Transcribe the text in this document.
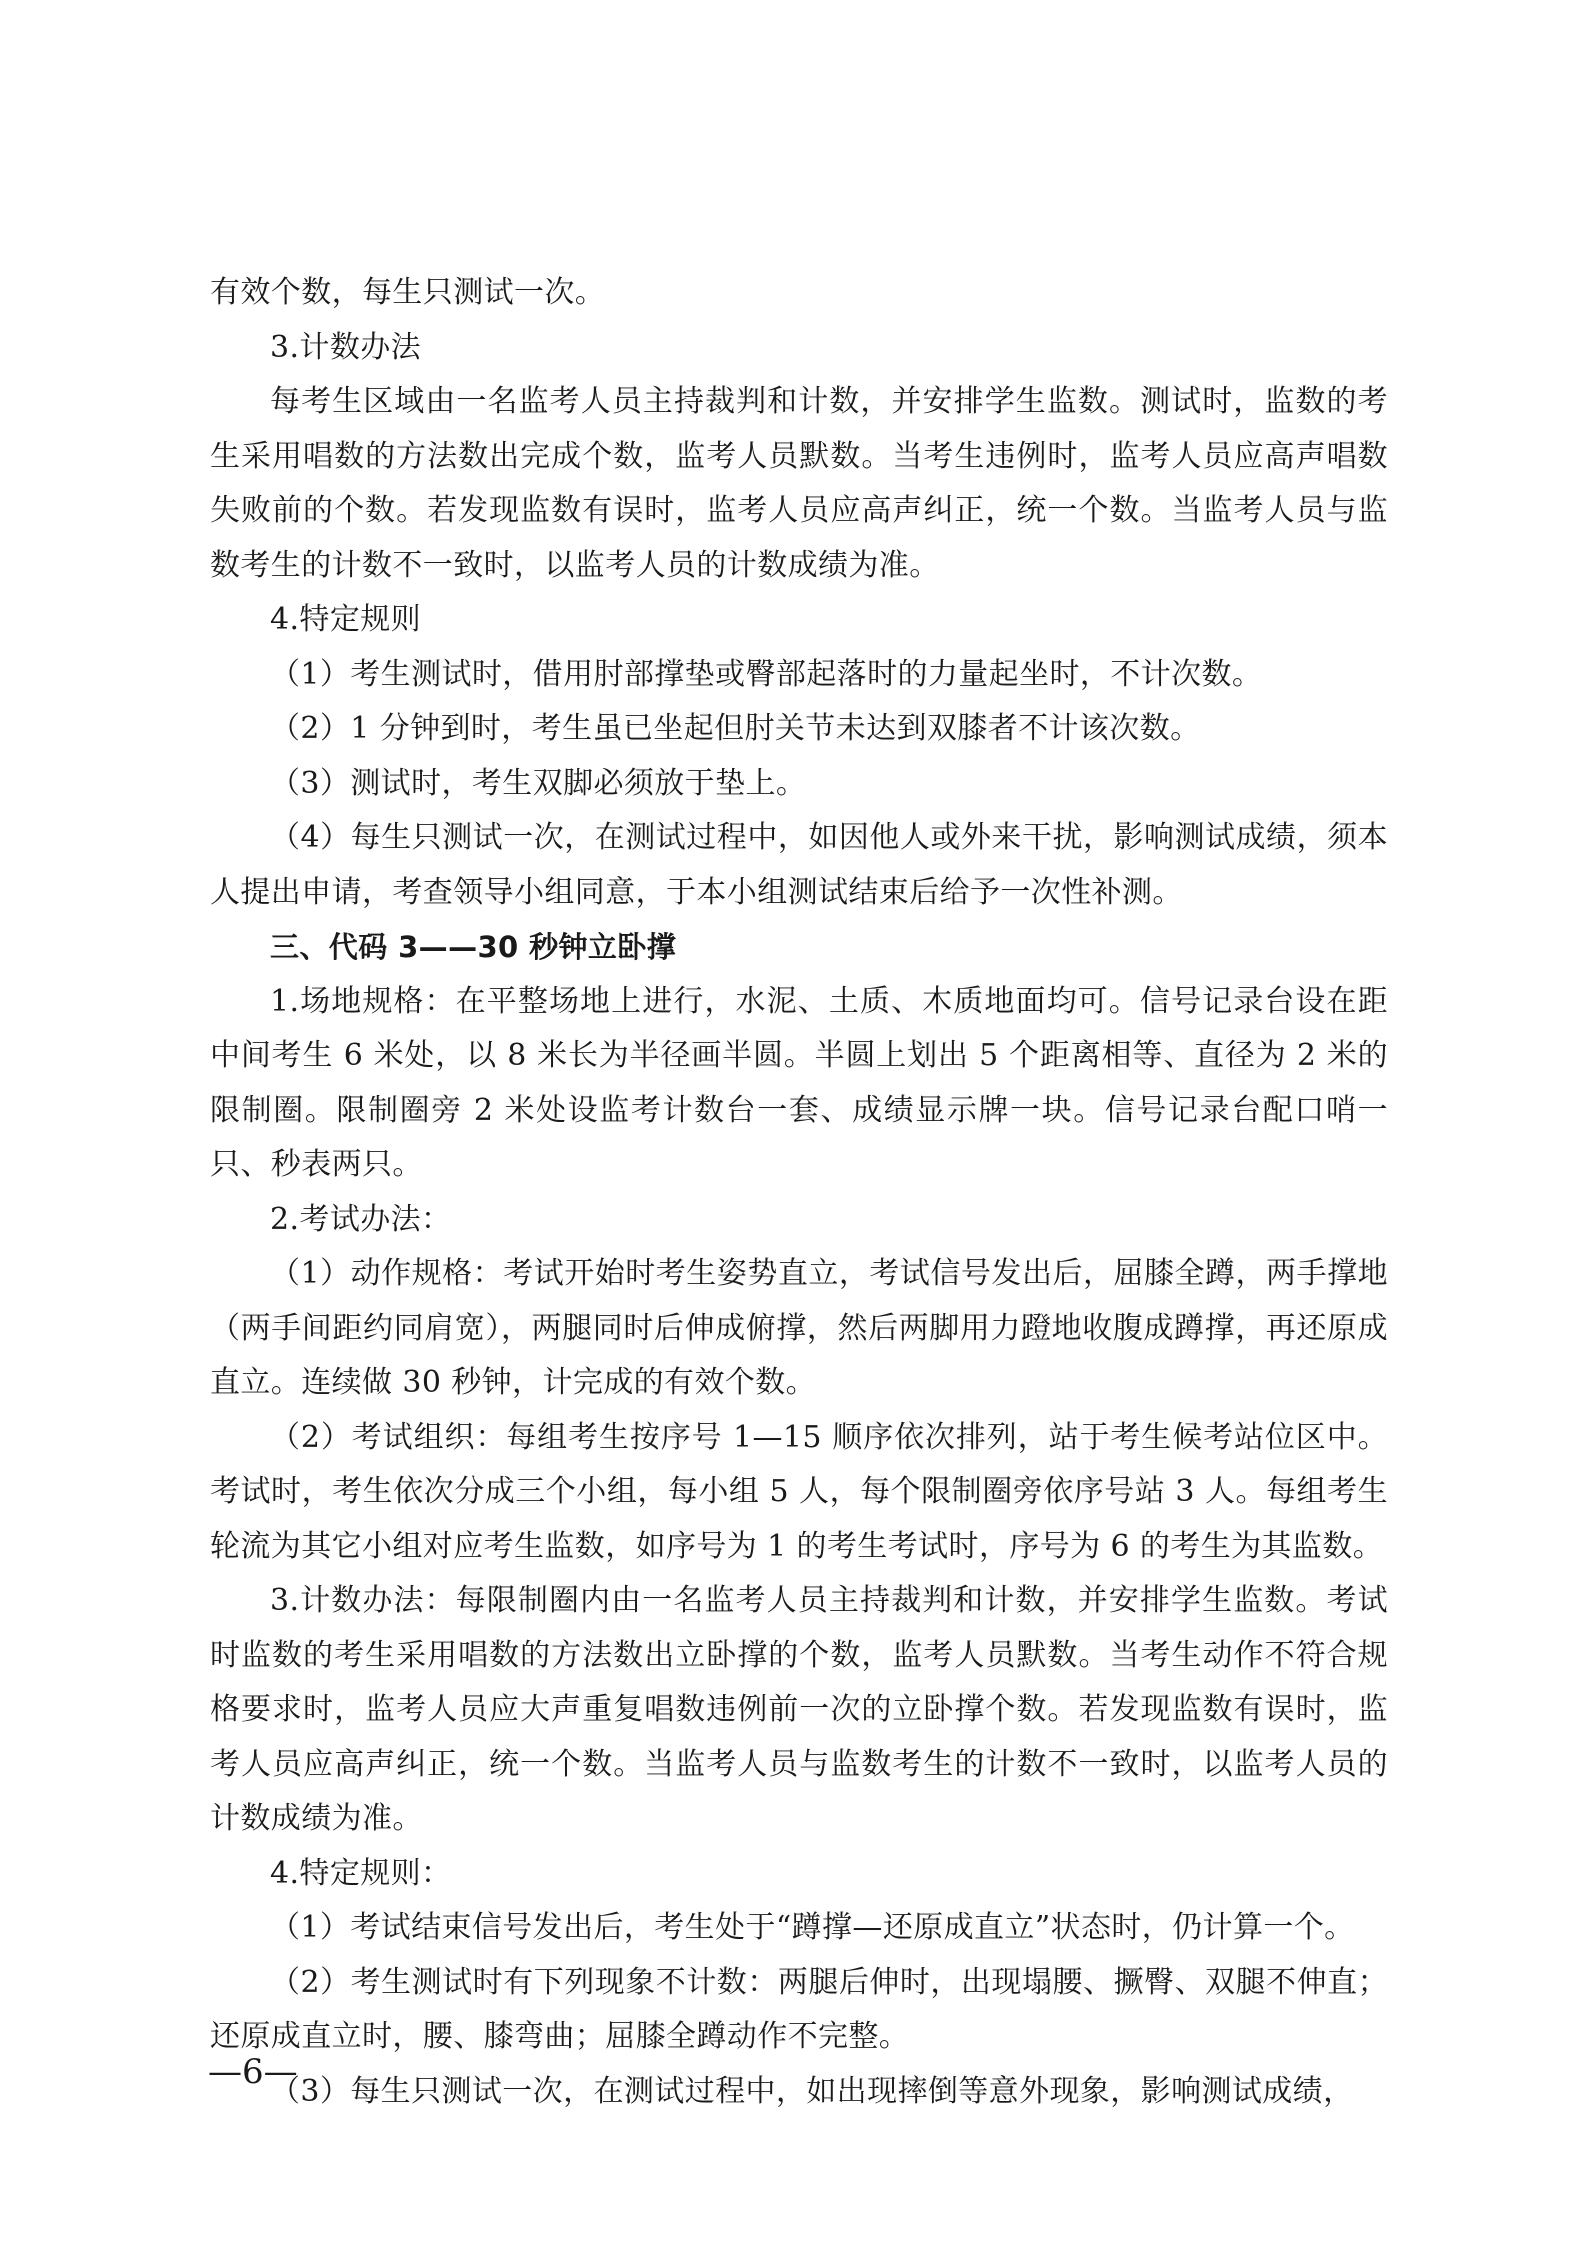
有效个数，每生只测试一次。

3.计数办法

每考生区域由一名监考人员主持裁判和计数，并安排学生监数。测试时，监数的考生采用唱数的方法数出完成个数，监考人员默数。当考生违例时，监考人员应高声唱数失败前的个数。若发现监数有误时，监考人员应高声纠正，统一个数。当监考人员与监数考生的计数不一致时，以监考人员的计数成绩为准。

4.特定规则

（1）考生测试时，借用肘部撑垫或臀部起落时的力量起坐时，不计次数。

（2）1 分钟到时，考生虽已坐起但肘关节未达到双膝者不计该次数。

（3）测试时，考生双脚必须放于垫上。

（4）每生只测试一次，在测试过程中，如因他人或外来干扰，影响测试成绩，须本人提出申请，考查领导小组同意，于本小组测试结束后给予一次性补测。

三、代码 3——30 秒钟立卧撑

1.场地规格：在平整场地上进行，水泥、土质、木质地面均可。信号记录台设在距中间考生 6 米处，以 8 米长为半径画半圆。半圆上划出 5 个距离相等、直径为 2 米的限制圈。限制圈旁 2 米处设监考计数台一套、成绩显示牌一块。信号记录台配口哨一只、秒表两只。

2.考试办法：

（1）动作规格：考试开始时考生姿势直立，考试信号发出后，屈膝全蹲，两手撑地（两手间距约同肩宽），两腿同时后伸成俯撑，然后两脚用力蹬地收腹成蹲撑，再还原成直立。连续做 30 秒钟，计完成的有效个数。

（2）考试组织：每组考生按序号 1—15 顺序依次排列，站于考生候考站位区中。考试时，考生依次分成三个小组，每小组 5 人，每个限制圈旁依序号站 3 人。每组考生轮流为其它小组对应考生监数，如序号为 1 的考生考试时，序号为 6 的考生为其监数。

3.计数办法：每限制圈内由一名监考人员主持裁判和计数，并安排学生监数。考试时监数的考生采用唱数的方法数出立卧撑的个数，监考人员默数。当考生动作不符合规格要求时，监考人员应大声重复唱数违例前一次的立卧撑个数。若发现监数有误时，监考人员应高声纠正，统一个数。当监考人员与监数考生的计数不一致时，以监考人员的计数成绩为准。

4.特定规则：

（1）考试结束信号发出后，考生处于“蹲撑—还原成直立”状态时，仍计算一个。

（2）考生测试时有下列现象不计数：两腿后伸时，出现塌腰、撅臀、双腿不伸直；还原成直立时，腰、膝弯曲；屈膝全蹲动作不完整。

（3）每生只测试一次，在测试过程中，如出现摔倒等意外现象，影响测试成绩，

—6—
